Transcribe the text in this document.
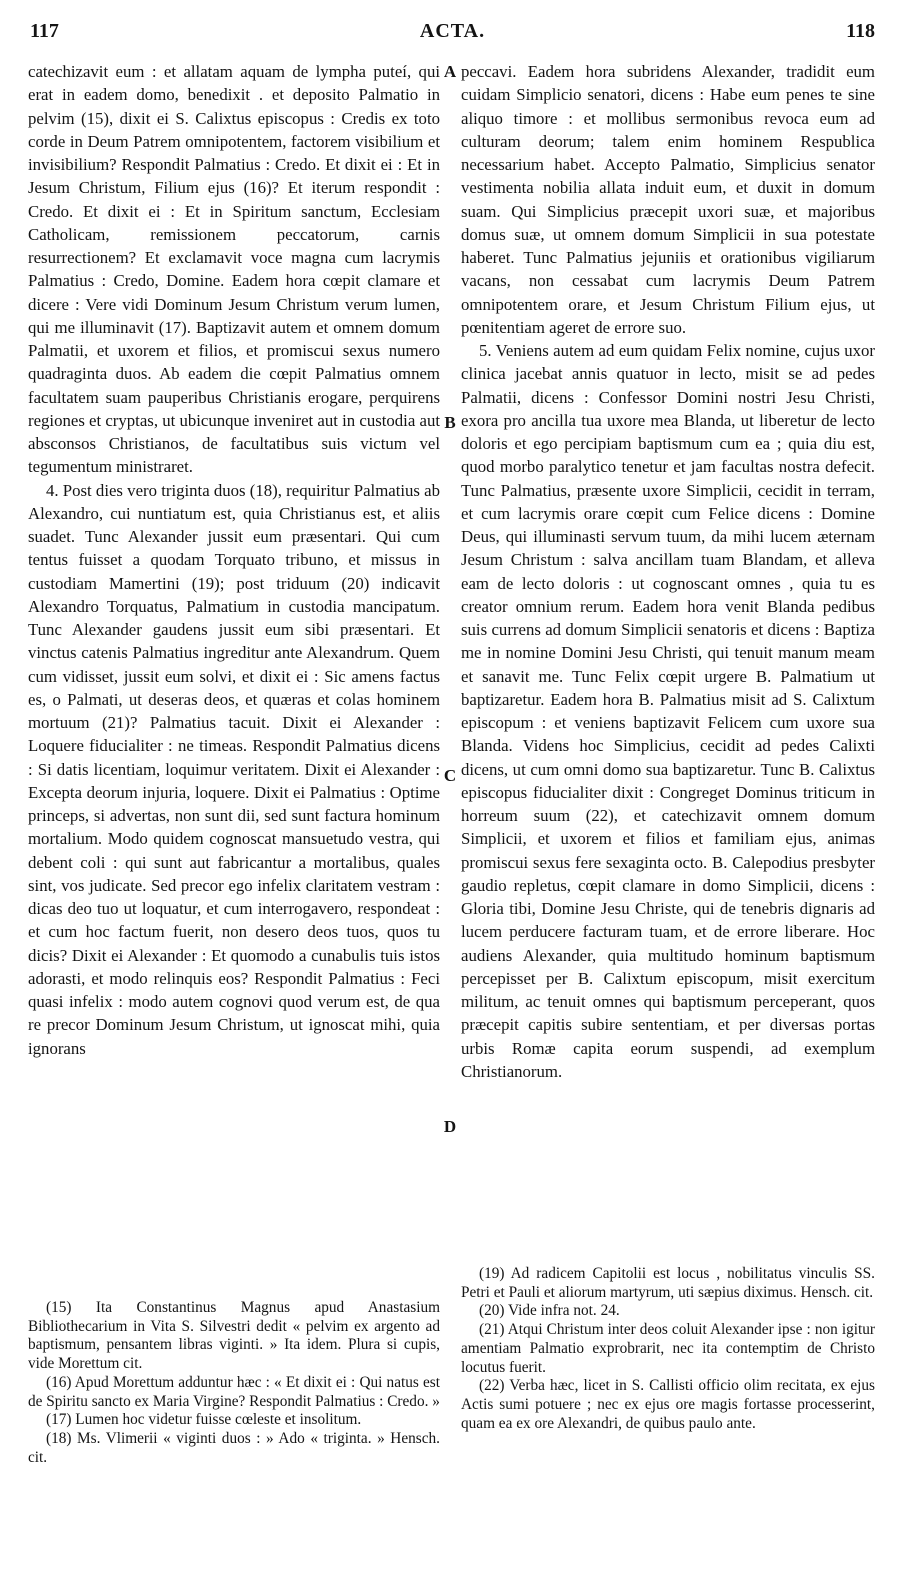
117	ACTA.	118

catechizavit eum : et allatam aquam de lympha puteí, qui erat in eadem domo, benedixit . et deposito Palmatio in pelvim (15), dixit ei S. Calixtus episcopus : Credis ex toto corde in Deum Patrem omnipotentem, factorem visibilium et invisibilium? Respondit Palmatius : Credo. Et dixit ei : Et in Jesum Christum, Filium ejus (16)? Et iterum respondit : Credo. Et dixit ei : Et in Spiritum sanctum, Ecclesiam Catholicam, remissionem peccatorum, carnis resurrectionem? Et exclamavit voce magna cum lacrymis Palmatius : Credo, Domine. Eadem hora cœpit clamare et dicere : Vere vidi Dominum Jesum Christum verum lumen, qui me illuminavit (17). Baptizavit autem et omnem domum Palmatii, et uxorem et filios, et promiscui sexus numero quadraginta duos. Ab eadem die cœpit Palmatius omnem facultatem suam pauperibus Christianis erogare, perquirens regiones et cryptas, ut ubicunque inveniret aut in custodia aut absconsos Christianos, de facultatibus suis victum vel tegumentum ministraret.

4. Post dies vero triginta duos (18), requiritur Palmatius ab Alexandro, cui nuntiatum est, quia Christianus est, et aliis suadet. Tunc Alexander jussit eum præsentari. Qui cum tentus fuisset a quodam Torquato tribuno, et missus in custodiam Mamertini (19); post triduum (20) indicavit Alexandro Torquatus, Palmatium in custodia mancipatum. Tunc Alexander gaudens jussit eum sibi præsentari. Et vinctus catenis Palmatius ingreditur ante Alexandrum. Quem cum vidisset, jussit eum solvi, et dixit ei : Sic amens factus es, o Palmati, ut deseras deos, et quæras et colas hominem mortuum (21)? Palmatius tacuit. Dixit ei Alexander : Loquere fiducialiter : ne timeas. Respondit Palmatius dicens : Si datis licentiam, loquimur veritatem. Dixit ei Alexander : Excepta deorum injuria, loquere. Dixit ei Palmatius : Optime princeps, si advertas, non sunt dii, sed sunt factura hominum mortalium. Modo quidem cognoscat mansuetudo vestra, qui debent coli : qui sunt aut fabricantur a mortalibus, quales sint, vos judicate. Sed precor ego infelix claritatem vestram : dicas deo tuo ut loquatur, et cum interrogavero, respondeat : et cum hoc factum fuerit, non desero deos tuos, quos tu dicis? Dixit ei Alexander : Et quomodo a cunabulis tuis istos adorasti, et modo relinquis eos? Respondit Palmatius : Feci quasi infelix : modo autem cognovi quod verum est, de qua re precor Dominum Jesum Christum, ut ignoscat mihi, quia ignorans

peccavi. Eadem hora subridens Alexander, tradidit eum cuidam Simplicio senatori, dicens : Habe eum penes te sine aliquo timore : et mollibus sermonibus revoca eum ad culturam deorum; talem enim hominem Respublica necessarium habet. Accepto Palmatio, Simplicius senator vestimenta nobilia allata induit eum, et duxit in domum suam. Qui Simplicius præcepit uxori suæ, et majoribus domus suæ, ut omnem domum Simplicii in sua potestate haberet. Tunc Palmatius jejuniis et orationibus vigiliarum vacans, non cessabat cum lacrymis Deum Patrem omnipotentem orare, et Jesum Christum Filium ejus, ut pœnitentiam ageret de errore suo.

5. Veniens autem ad eum quidam Felix nomine, cujus uxor clinica jacebat annis quatuor in lecto, misit se ad pedes Palmatii, dicens : Confessor Domini nostri Jesu Christi, exora pro ancilla tua uxore mea Blanda, ut liberetur de lecto doloris et ego percipiam baptismum cum ea ; quia diu est, quod morbo paralytico tenetur et jam facultas nostra defecit. Tunc Palmatius, præsente uxore Simplicii, cecidit in terram, et cum lacrymis orare cœpit cum Felice dicens : Domine Deus, qui illuminasti servum tuum, da mihi lucem æternam Jesum Christum : salva ancillam tuam Blandam, et alleva eam de lecto doloris : ut cognoscant omnes , quia tu es creator omnium rerum. Eadem hora venit Blanda pedibus suis currens ad domum Simplicii senatoris et dicens : Baptiza me in nomine Domini Jesu Christi, qui tenuit manum meam et sanavit me. Tunc Felix cœpit urgere B. Palmatium ut baptizaretur. Eadem hora B. Palmatius misit ad S. Calixtum episcopum : et veniens baptizavit Felicem cum uxore sua Blanda. Videns hoc Simplicius, cecidit ad pedes Calixti dicens, ut cum omni domo sua baptizaretur. Tunc B. Calixtus episcopus fiducialiter dixit : Congreget Dominus triticum in horreum suum (22), et catechizavit omnem domum Simplicii, et uxorem et filios et familiam ejus, animas promiscui sexus fere sexaginta octo. B. Calepodius presbyter gaudio repletus, cœpit clamare in domo Simplicii, dicens : Gloria tibi, Domine Jesu Christe, qui de tenebris dignaris ad lucem perducere facturam tuam, et de errore liberare. Hoc audiens Alexander, quia multitudo hominum baptismum percepisset per B. Calixtum episcopum, misit exercitum militum, ac tenuit omnes qui baptismum perceperant, quos præcepit capitis subire sententiam, et per diversas portas urbis Romæ capita eorum suspendi, ad exemplum Christianorum.

A
B
C
D

(15) Ita Constantinus Magnus apud Anastasium Bibliothecarium in Vita S. Silvestri dedit « pelvim ex argento ad baptismum, pensantem libras viginti. » Ita idem. Plura si cupis, vide Morettum cit.

(16) Apud Morettum adduntur hæc : « Et dixit ei : Qui natus est de Spiritu sancto ex Maria Virgine? Respondit Palmatius : Credo. »

(17) Lumen hoc videtur fuisse cœleste et insolitum.

(18) Ms. Vlimerii « viginti duos : » Ado « triginta. » Hensch. cit.

(19) Ad radicem Capitolii est locus , nobilitatus vinculis SS. Petri et Pauli et aliorum martyrum, uti sæpius diximus. Hensch. cit.

(20) Vide infra not. 24.

(21) Atqui Christum inter deos coluit Alexander ipse : non igitur amentiam Palmatio exprobrarit, nec ita contemptim de Christo locutus fuerit.

(22) Verba hæc, licet in S. Callisti officio olim recitata, ex ejus Actis sumi potuere ; nec ex ejus ore magis fortasse processerint, quam ea ex ore Alexandri, de quibus paulo ante.
